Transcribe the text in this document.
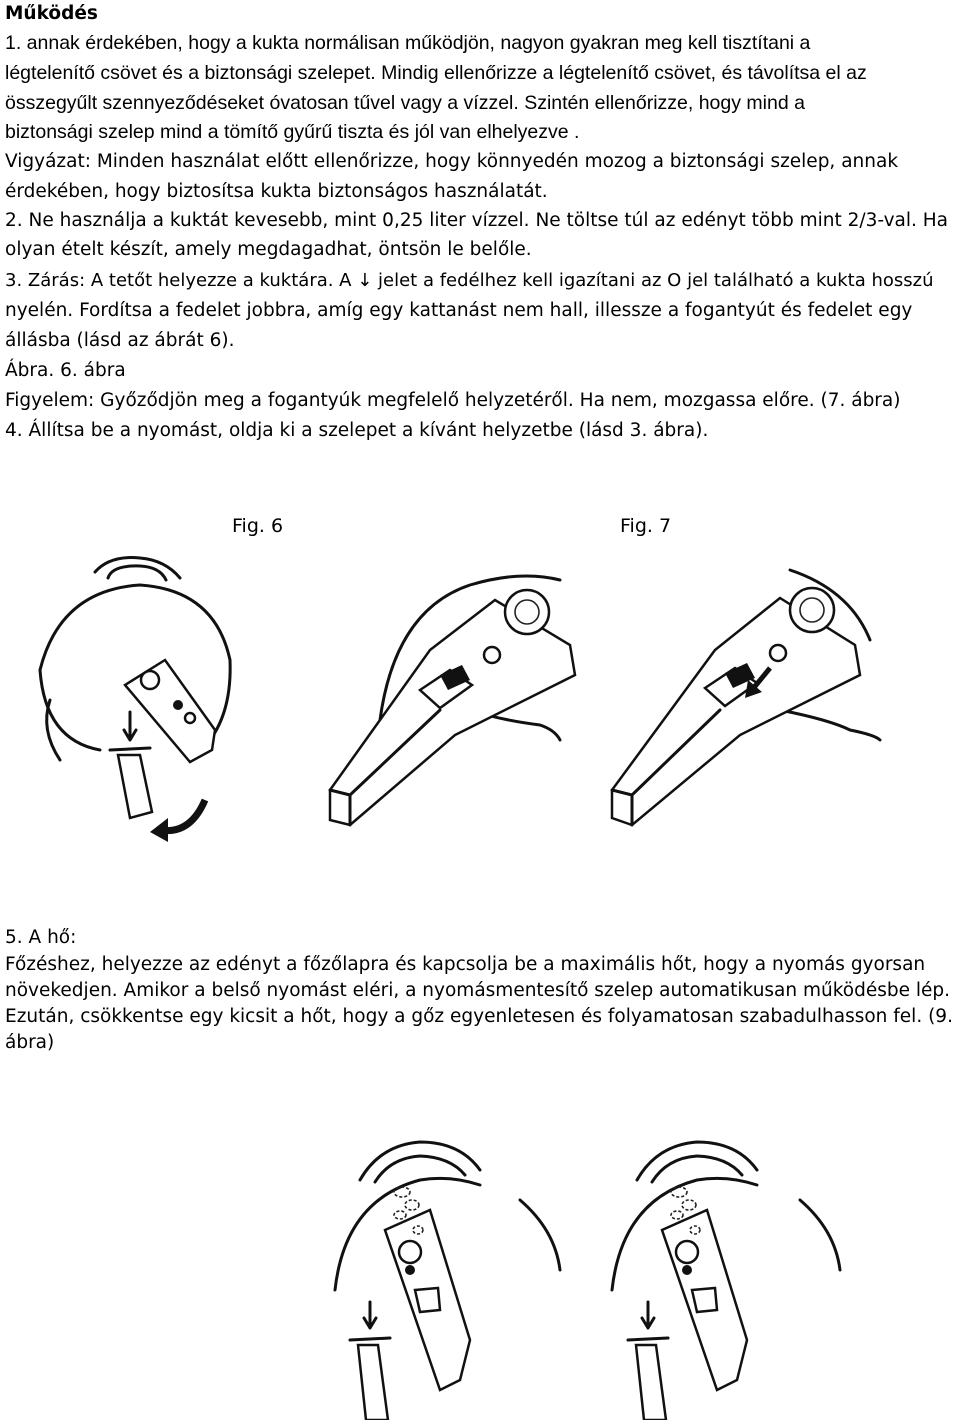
Működés
1. annak érdekében, hogy a kukta normálisan működjön, nagyon gyakran meg kell tisztítani a
légtelenítő csövet és a biztonsági szelepet. Mindig ellenőrizze a légtelenítő csövet, és távolítsa el az
összegyűlt szennyeződéseket óvatosan tűvel vagy a vízzel. Szintén ellenőrizze, hogy mind a
biztonsági szelep mind a tömítő gyűrű tiszta és jól van elhelyezve .
Vigyázat: Minden használat előtt ellenőrizze, hogy könnyedén mozog a biztonsági szelep, annak
érdekében, hogy biztosítsa kukta biztonságos használatát.
2. Ne használja a kuktát kevesebb, mint 0,25 liter vízzel. Ne töltse túl az edényt több mint 2/3-val. Ha
olyan ételt készít, amely megdagadhat, öntsön le belőle.
3. Zárás: A tetőt helyezze a kuktára. A ↓ jelet a fedélhez kell igazítani az O jel található a kukta hosszú
nyelén. Fordítsa a fedelet jobbra, amíg egy kattanást nem hall, illessze a fogantyút és fedelet egy
állásba (lásd az ábrát 6).
Ábra. 6. ábra
Figyelem: Győződjön meg a fogantyúk megfelelő helyzetéről. Ha nem, mozgassa előre. (7. ábra)
4. Állítsa be a nyomást, oldja ki a szelepet a kívánt helyzetbe (lásd 3. ábra).
Fig. 6	Fig. 7
5. A hő:
Főzéshez, helyezze az edényt a főzőlapra és kapcsolja be a maximális hőt, hogy a nyomás gyorsan
növekedjen. Amikor a belső nyomást eléri, a nyomásmentesítő szelep automatikusan működésbe lép.
Ezután, csökkentse egy kicsit a hőt, hogy a gőz egyenletesen és folyamatosan szabadulhasson fel. (9.
ábra)
